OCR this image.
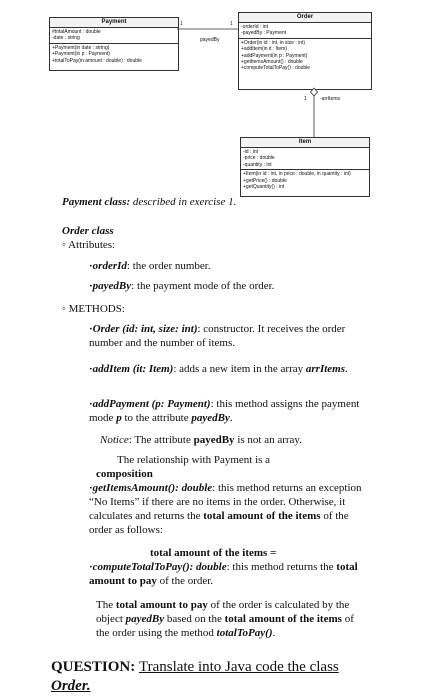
Payment
#totalAmount : double
-date : string
+Payment(in date : string)
+Payment(in p : Payment)
+totalToPay(in amount : double) : double
Order
-orderId : int
-payedBy : Payment
+Order(in id : int, in size : int)
+addItem(in it : Item)
+addPayment(in p : Payment)
+getItemsAmount() : double
+computeTotalToPay() : double
Item
-id : int
-price : double
-quantity : int
+Item(in id : int, in price : double, in quantity : int)
+getPrice() : double
+getQuantity() : int
1	1
payedBy
1	-arrItems
Payment class: described in exercise 1.
Order class
◦ Attributes:
·orderId: the order number.
·payedBy: the payment mode of the order.
◦ METHODS:
·Order (id: int, size: int): constructor. It receives the order number and the number of items.
·addItem (it: Item): adds a new item in the array arrItems.
·addPayment (p: Payment): this method assigns the payment mode p to the attribute payedBy.
Notice: The attribute payedBy is not an array.
The relationship with Payment is a
composition
·getItemsAmount(): double: this method returns an exception “No Items” if there are no items in the order. Otherwise, it calculates and returns the total amount of the items of the order as follows:
total amount of the items =
·computeTotalToPay(): double: this method returns the total amount to pay of the order.
The total amount to pay of the order is calculated by the object payedBy based on the total amount of the items of the order using the method totalToPay().
QUESTION: Translate into Java code the class
Order.
